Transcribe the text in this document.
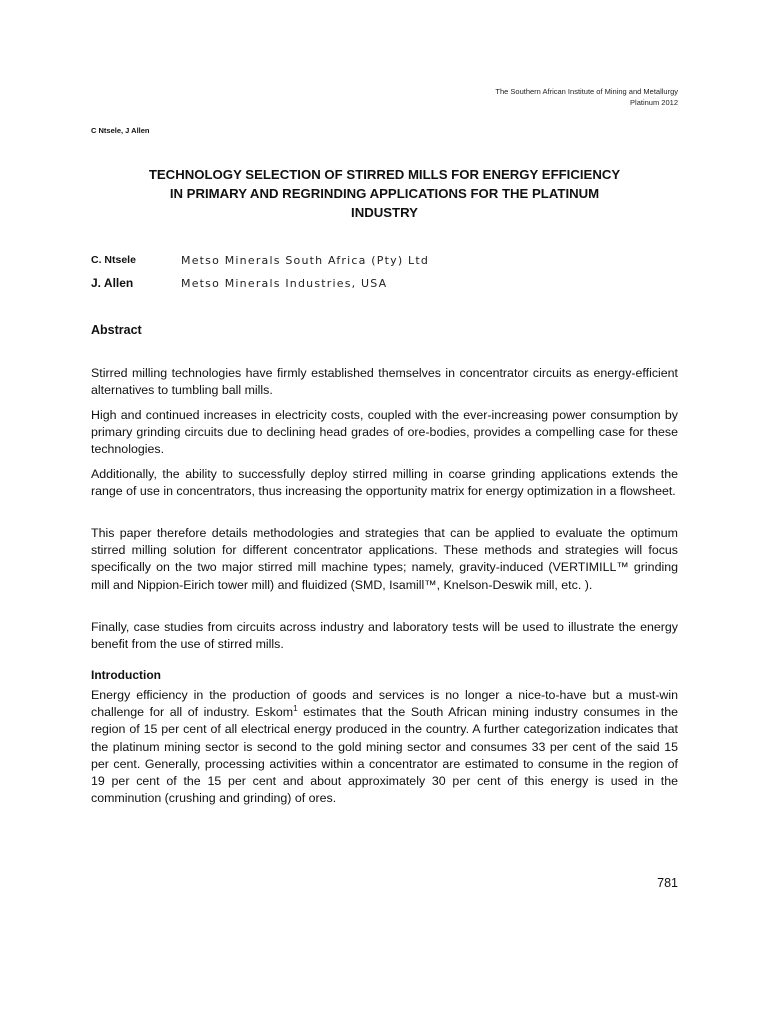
The Southern African Institute of Mining and Metallurgy
Platinum 2012
C Ntsele, J Allen
TECHNOLOGY SELECTION OF STIRRED MILLS FOR ENERGY EFFICIENCY
IN PRIMARY AND REGRINDING APPLICATIONS FOR THE PLATINUM
INDUSTRY
C. Ntsele	Metso Minerals South Africa (Pty) Ltd
J. Allen	Metso Minerals Industries, USA
Abstract
Stirred milling technologies have firmly established themselves in concentrator circuits as energy-efficient alternatives to tumbling ball mills.
High and continued increases in electricity costs, coupled with the ever-increasing power consumption by primary grinding circuits due to declining head grades of ore-bodies, provides a compelling case for these technologies.
Additionally, the ability to successfully deploy stirred milling in coarse grinding applications extends the range of use in concentrators, thus increasing the opportunity matrix for energy optimization in a flowsheet.
This paper therefore details methodologies and strategies that can be applied to evaluate the optimum stirred milling solution for different concentrator applications. These methods and strategies will focus specifically on the two major stirred mill machine types; namely, gravity-induced (VERTIMILL™ grinding mill and Nippion-Eirich tower mill) and fluidized (SMD, Isamill™, Knelson-Deswik mill, etc. ).
Finally, case studies from circuits across industry and laboratory tests will be used to illustrate the energy benefit from the use of stirred mills.
Introduction
Energy efficiency in the production of goods and services is no longer a nice-to-have but a must-win challenge for all of industry. Eskom$^1$ estimates that the South African mining industry consumes in the region of 15 per cent of all electrical energy produced in the country. A further categorization indicates that the platinum mining sector is second to the gold mining sector and consumes 33 per cent of the said 15 per cent. Generally, processing activities within a concentrator are estimated to consume in the region of 19 per cent of the 15 per cent and about approximately 30 per cent of this energy is used in the comminution (crushing and grinding) of ores.
781
